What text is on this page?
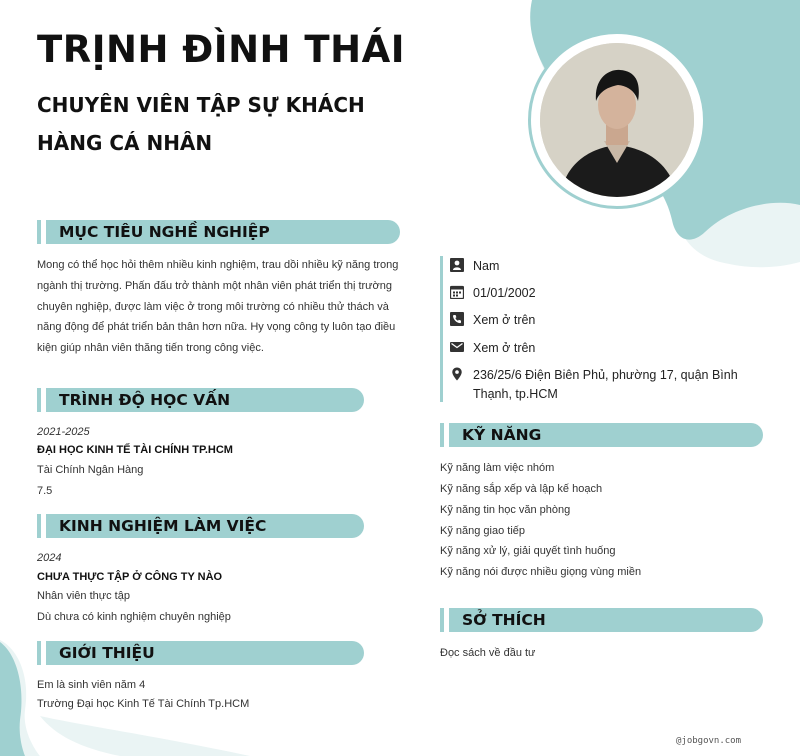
TRỊNH ĐÌNH THÁI
CHUYÊN VIÊN TẬP SỰ KHÁCH HÀNG CÁ NHÂN
MỤC TIÊU NGHỀ NGHIỆP
Mong có thể học hỏi thêm nhiều kinh nghiệm, trau dồi nhiều kỹ năng trong ngành thị trường. Phấn đấu trở thành một nhân viên phát triển thị trường chuyên nghiệp, được làm việc ở trong môi trường có nhiều thử thách và năng động để phát triển bản thân hơn nữa. Hy vọng công ty luôn tạo điều kiện giúp nhân viên thăng tiến trong công việc.
TRÌNH ĐỘ HỌC VẤN
2021-2025
ĐẠI HỌC KINH TẾ TÀI CHÍNH TP.HCM
Tài Chính Ngân Hàng
7.5
KINH NGHIỆM LÀM VIỆC
2024
CHƯA THỰC TẬP Ở CÔNG TY NÀO
Nhân viên thực tập
Dù chưa có kinh nghiệm chuyên nghiệp
GIỚI THIỆU
Em là sinh viên năm 4
Trường Đại học Kinh Tế Tài Chính Tp.HCM
Nam
01/01/2002
Xem ở trên
Xem ở trên
236/25/6 Điện Biên Phủ, phường 17, quận Bình Thạnh, tp.HCM
KỸ NĂNG
Kỹ năng làm việc nhóm
Kỹ năng sắp xếp và lập kế hoạch
Kỹ năng tin học văn phòng
Kỹ năng giao tiếp
Kỹ năng xử lý, giải quyết tình huống
Kỹ năng nói được nhiều giọng vùng miền
SỞ THÍCH
Đọc sách về đầu tư
@jobgovn.com
